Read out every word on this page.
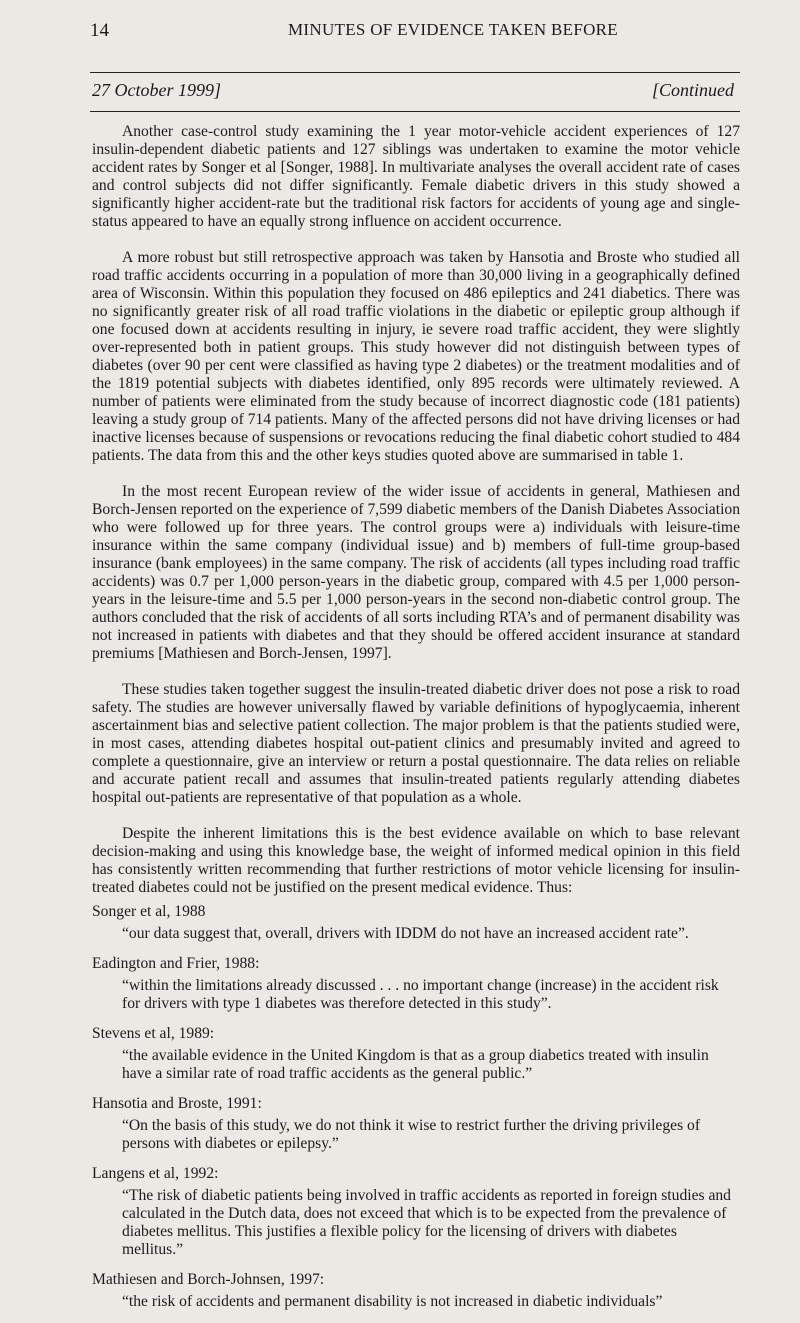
14	MINUTES OF EVIDENCE TAKEN BEFORE
27 October 1999]	[Continued

Another case-control study examining the 1 year motor-vehicle accident experiences of 127 insulin-dependent diabetic patients and 127 siblings was undertaken to examine the motor vehicle accident rates by Songer et al [Songer, 1988]. In multivariate analyses the overall accident rate of cases and control subjects did not differ significantly. Female diabetic drivers in this study showed a significantly higher accident-rate but the traditional risk factors for accidents of young age and single-status appeared to have an equally strong influence on accident occurrence.

A more robust but still retrospective approach was taken by Hansotia and Broste who studied all road traffic accidents occurring in a population of more than 30,000 living in a geographically defined area of Wisconsin. Within this population they focused on 486 epileptics and 241 diabetics. There was no significantly greater risk of all road traffic violations in the diabetic or epileptic group although if one focused down at accidents resulting in injury, ie severe road traffic accident, they were slightly over-represented both in patient groups. This study however did not distinguish between types of diabetes (over 90 per cent were classified as having type 2 diabetes) or the treatment modalities and of the 1819 potential subjects with diabetes identified, only 895 records were ultimately reviewed. A number of patients were eliminated from the study because of incorrect diagnostic code (181 patients) leaving a study group of 714 patients. Many of the affected persons did not have driving licenses or had inactive licenses because of suspensions or revocations reducing the final diabetic cohort studied to 484 patients. The data from this and the other keys studies quoted above are summarised in table 1.

In the most recent European review of the wider issue of accidents in general, Mathiesen and Borch-Jensen reported on the experience of 7,599 diabetic members of the Danish Diabetes Association who were followed up for three years. The control groups were a) individuals with leisure-time insurance within the same company (individual issue) and b) members of full-time group-based insurance (bank employees) in the same company. The risk of accidents (all types including road traffic accidents) was 0.7 per 1,000 person-years in the diabetic group, compared with 4.5 per 1,000 person-years in the leisure-time and 5.5 per 1,000 person-years in the second non-diabetic control group. The authors concluded that the risk of accidents of all sorts including RTA’s and of permanent disability was not increased in patients with diabetes and that they should be offered accident insurance at standard premiums [Mathiesen and Borch-Jensen, 1997].

These studies taken together suggest the insulin-treated diabetic driver does not pose a risk to road safety. The studies are however universally flawed by variable definitions of hypoglycaemia, inherent ascertainment bias and selective patient collection. The major problem is that the patients studied were, in most cases, attending diabetes hospital out-patient clinics and presumably invited and agreed to complete a questionnaire, give an interview or return a postal questionnaire. The data relies on reliable and accurate patient recall and assumes that insulin-treated patients regularly attending diabetes hospital out-patients are representative of that population as a whole.

Despite the inherent limitations this is the best evidence available on which to base relevant decision-making and using this knowledge base, the weight of informed medical opinion in this field has consistently written recommending that further restrictions of motor vehicle licensing for insulin-treated diabetes could not be justified on the present medical evidence. Thus:

Songer et al, 1988
“our data suggest that, overall, drivers with IDDM do not have an increased accident rate”.
Eadington and Frier, 1988:
“within the limitations already discussed . . . no important change (increase) in the accident risk for drivers with type 1 diabetes was therefore detected in this study”.
Stevens et al, 1989:
“the available evidence in the United Kingdom is that as a group diabetics treated with insulin have a similar rate of road traffic accidents as the general public.”
Hansotia and Broste, 1991:
“On the basis of this study, we do not think it wise to restrict further the driving privileges of persons with diabetes or epilepsy.”
Langens et al, 1992:
“The risk of diabetic patients being involved in traffic accidents as reported in foreign studies and calculated in the Dutch data, does not exceed that which is to be expected from the prevalence of diabetes mellitus. This justifies a flexible policy for the licensing of drivers with diabetes mellitus.”
Mathiesen and Borch-Johnsen, 1997:
“the risk of accidents and permanent disability is not increased in diabetic individuals”
